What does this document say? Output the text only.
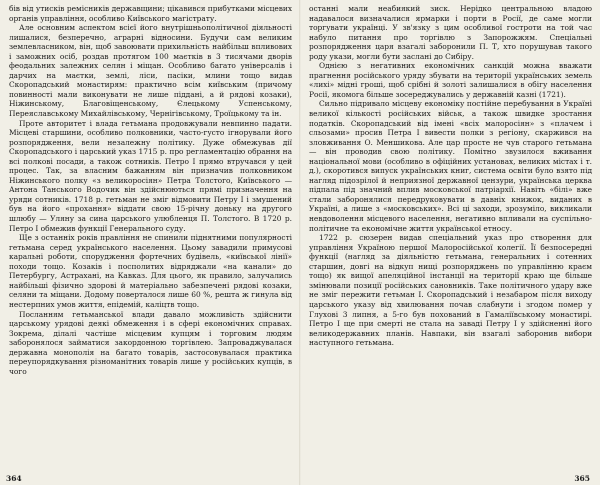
бів від утисків ремісників державщини; цікавився прибутками місцевих органів управління, особливо Київського магістрату.

Але основним аспектом всієї його внутрішньополітичної діяльності лишалися, безперечно, аграрні відносини. Будучи сам великим землевласником, він, щоб завоювати прихильність найбільш впливових і заможних осіб, роздав протягом 100 маєтків в 3 тисячами дворів феодальних залежних селян і міщан. Особливо багато універсалів і дарчих на маєтки, землі, ліси, пасіки, млини тощо видав Скоропадський монастирям: практично всім київським (причому повинності мали виконувати не лише піддані, а й рядові козаки), Ніжинському, Благовіщенському, Єлецькому Успенському, Переяславському Михайлівському, Чернігівському, Троїцькому та ін.

Проте авторитет і влада гетьмана продовжували невпинно падати. Місцеві старшини, особливо полковники, часто-густо ігнорували його розпорядження, вели незалежну політику. Дуже обмежував дії Скоропадського і царський указ 1715 р. про регламентацію обрання на всі полкові посади, а також сотників. Петро I прямо втручався у цей процес. Так, за власним бажанням він призначив полковником Ніжинського полку «з великоросіян» Петра Толстого, Київського — Антона Танського Водочик він здійснюються прямі призначення на уряди сотників. 1718 р. гетьман не зміг відмовити Петру I і змушений був на його «прохання» віддати свою 15-річну доньку на другого шлюбу — Уляну за сина царського улюбленця П. Толстого. В 1720 р. Петро I обмежив функції Генерального суду.

Ще з останніх років правління не спинили піднятними популярності гетьмана серед українського населення. Цьому завадили примусові каральні роботи, спорудження фортечних будівель, «київської лінії» походи тощо. Козаків і посполитих відряджали «на канали» до Петербургу, Астрахані, на Кавказ. Для цього, як правило, залучались найбільші фізично здорові й матеріально забезпечені рядові козаки, селяни та міщани. Додому поверталося лише 60 %, решта ж гинула від нестерпних умов життя, епідемій, каліцтв тощо.

Посланням гетьманської влади давало можливість здійснити царському урядові деякі обмеження і в сфері економічних справах. Зокрема, ділалі частіше місцевим купцям і торговим людям заборонялося займатися закордонною торгівлею. Запроваджувалася державна монополія на багато товарів, застосовувалася практика переупорядкування різноманітних товарів лише у російських купців, в чого

364

останні мали неабиякий зиск. Нерідко центральною владою надавалося визначалися ярмарки і порти в Росії, де саме могли торгувати українці. У зв'язку з цим особливої гостроти на той час набуло питання про торгівлю з Запорожжям. Спеціальні розпорядження царя взагалі заборонили П. Т, хто порушував такого роду укази, могли бути заслані до Сибіру.

Однією з негативних економічних санкцій можна вважати прагнення російського уряду збувати на території українських земель «лихі» мідні гроші, щоб срібні й золоті залишалися в обігу населення Росії, якомога більше зосереджувались у державній казні (1721).

Сильно підривало місцеву економіку постійне перебування в Україні великої кількості російських військ, а також швидке зростання податків. Скоропадський від імені «всіх малоросіян» з «плачем і сльозами» просив Петра І вивести полки з регіону, скаржився на зловживання О. Меншикова. Але цар просте не чув старого гетьмана — він проводив свою політику. Помітно звузилося вживання національної мови (особливо в офіційних установах, великих містах і т. д.), скоротився випуск українських книг, система освіти було взято під нагляд підозрілої й неприязної державної цензури, українська церква підпала під значний вплив московської патріархії. Навіть «білі» вже стали заборонялися передруковувати в давніх книжок, виданих в Україні, а лише з «московських». Всі ці заходи, зрозуміло, викликали невдоволення місцевого населення, негативно впливали на суспільно-політичне та економічне життя української етносу.

1722 р. сюзерен видав спеціальний указ про створення для управління Україною першої Малоросійської колегії. Її безпосередні функції (нагляд за діяльністю гетьмана, генеральних і сотенних старшин, довгі на відкуп нищі розпоряджень по управлінню краєм тощо) як вищої апеляційної інстанції на території краю ще більше змінювали позиції російських сановників. Таке політичного удару вже не зміг пережити гетьман І. Скоропадський і незабаром після виходу царського указу від хвилювання почав слабнути і згодом помер у Глухові 3 липня, а 5-го був похований в Гамаліївському монастирі. Петро І ще при смерті не стала на заваді Петру І у здійсненні його великодержавних планів. Навпаки, він взагалі заборонив вибори наступного гетьмана.

365
